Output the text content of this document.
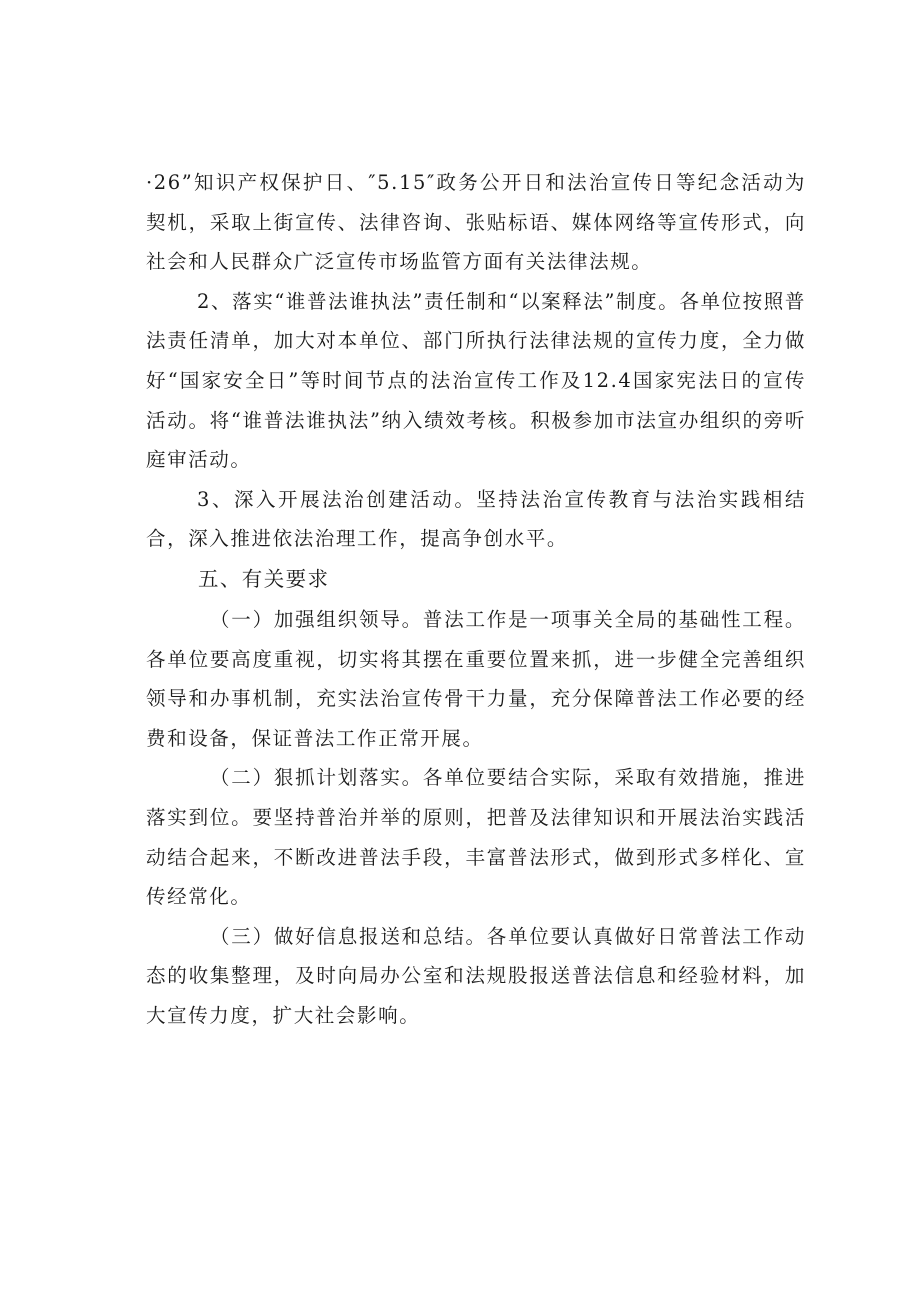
·26”知识产权保护日、″5.15″政务公开日和法治宣传日等纪念活动为契机，采取上街宣传、法律咨询、张贴标语、媒体网络等宣传形式，向社会和人民群众广泛宣传市场监管方面有关法律法规。

2、落实“谁普法谁执法”责任制和“以案释法”制度。各单位按照普法责任清单，加大对本单位、部门所执行法律法规的宣传力度，全力做好“国家安全日”等时间节点的法治宣传工作及12.4国家宪法日的宣传活动。将“谁普法谁执法”纳入绩效考核。积极参加市法宣办组织的旁听庭审活动。

3、深入开展法治创建活动。坚持法治宣传教育与法治实践相结合，深入推进依法治理工作，提高争创水平。

五、有关要求

（一）加强组织领导。普法工作是一项事关全局的基础性工程。各单位要高度重视，切实将其摆在重要位置来抓，进一步健全完善组织领导和办事机制，充实法治宣传骨干力量，充分保障普法工作必要的经费和设备，保证普法工作正常开展。

（二）狠抓计划落实。各单位要结合实际，采取有效措施，推进落实到位。要坚持普治并举的原则，把普及法律知识和开展法治实践活动结合起来，不断改进普法手段，丰富普法形式，做到形式多样化、宣传经常化。

（三）做好信息报送和总结。各单位要认真做好日常普法工作动态的收集整理，及时向局办公室和法规股报送普法信息和经验材料，加大宣传力度，扩大社会影响。
